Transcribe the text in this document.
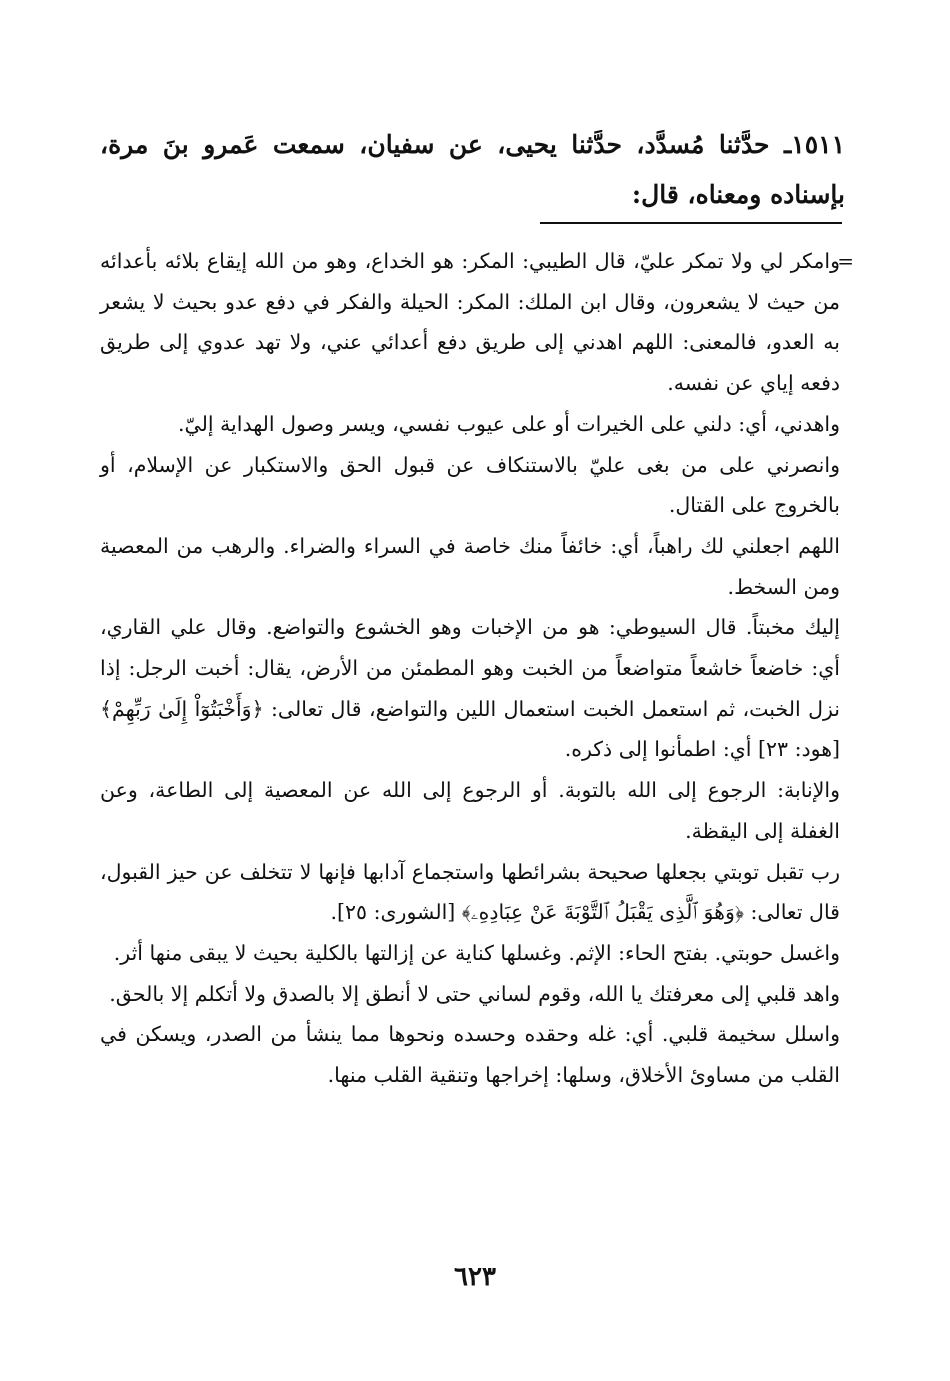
١٥١١ـ حدَّثنا مُسدَّد، حدَّثنا يحيى، عن سفيان، سمعت عَمرو بنَ مرة، بإسناده ومعناه، قال:

=
وامكر لي ولا تمكر عليّ، قال الطيبي: المكر: هو الخداع، وهو من الله إيقاع بلائه بأعدائه من حيث لا يشعرون، وقال ابن الملك: المكر: الحيلة والفكر في دفع عدو بحيث لا يشعر به العدو، فالمعنى: اللهم اهدني إلى طريق دفع أعدائي عني، ولا تهد عدوي إلى طريق دفعه إياي عن نفسه.

واهدني، أي: دلني على الخيرات أو على عيوب نفسي، ويسر وصول الهداية إليّ.

وانصرني على من بغى عليّ بالاستنكاف عن قبول الحق والاستكبار عن الإسلام، أو بالخروج على القتال.

اللهم اجعلني لك راهباً، أي: خائفاً منك خاصة في السراء والضراء. والرهب من المعصية ومن السخط.

إليك مخبتاً. قال السيوطي: هو من الإخبات وهو الخشوع والتواضع. وقال علي القاري، أي: خاضعاً خاشعاً متواضعاً من الخبت وهو المطمئن من الأرض، يقال: أخبت الرجل: إذا نزل الخبت، ثم استعمل الخبت استعمال اللين والتواضع، قال تعالى: ﴿وَأَخْبَتُوٓاْ إِلَىٰ رَبِّهِمْ﴾ [هود: ٢٣] أي: اطمأنوا إلى ذكره.

والإنابة: الرجوع إلى الله بالتوبة. أو الرجوع إلى الله عن المعصية إلى الطاعة، وعن الغفلة إلى اليقظة.

رب تقبل توبتي بجعلها صحيحة بشرائطها واستجماع آدابها فإنها لا تتخلف عن حيز القبول، قال تعالى: ﴿وَهُوَ ٱلَّذِى يَقْبَلُ ٱلتَّوْبَةَ عَنْ عِبَادِهِۦ﴾ [الشورى: ٢٥].

واغسل حوبتي. بفتح الحاء: الإثم. وغسلها كناية عن إزالتها بالكلية بحيث لا يبقى منها أثر.

واهد قلبي إلى معرفتك يا الله، وقوم لساني حتى لا أنطق إلا بالصدق ولا أتكلم إلا بالحق.

واسلل سخيمة قلبي. أي: غله وحقده وحسده ونحوها مما ينشأ من الصدر، ويسكن في القلب من مساوئ الأخلاق، وسلها: إخراجها وتنقية القلب منها.

٦٢٣
